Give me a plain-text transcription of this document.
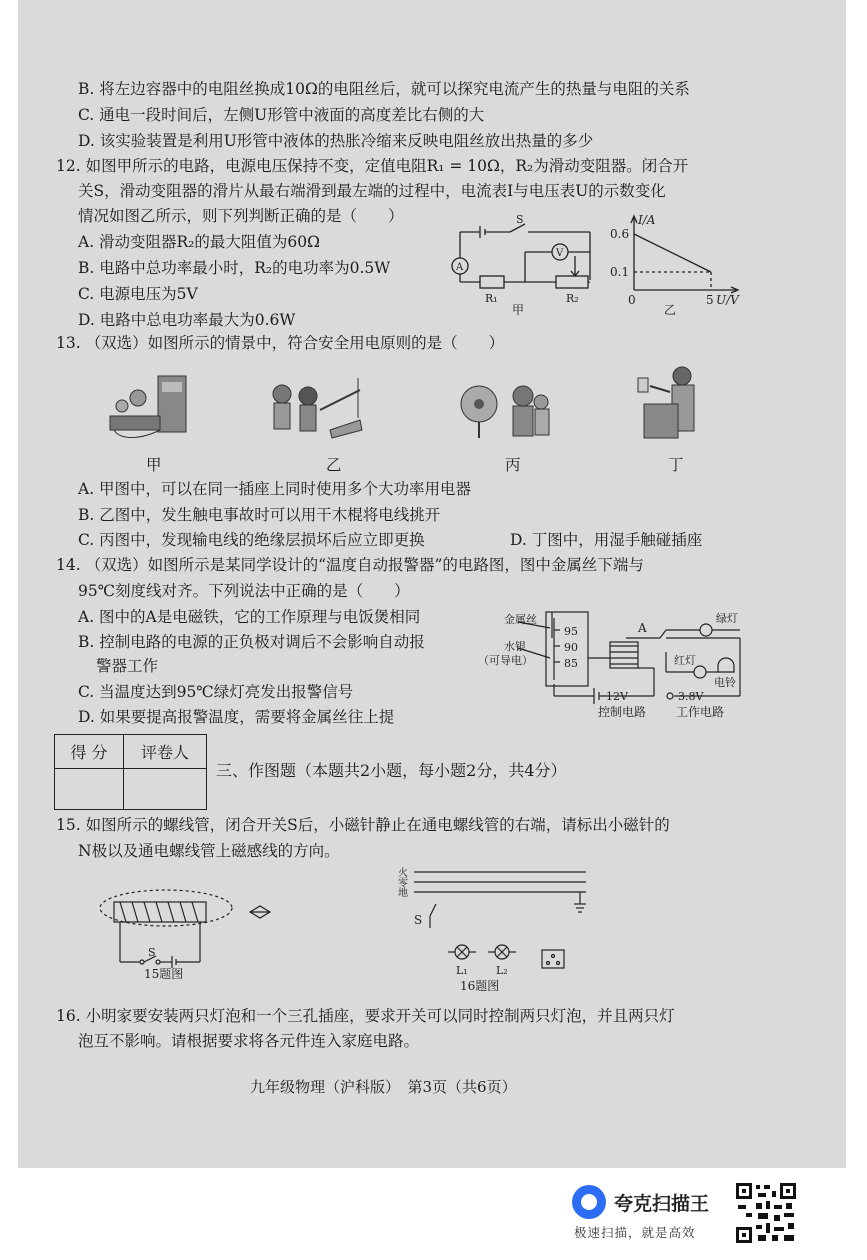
B. 将左边容器中的电阻丝换成10Ω的电阻丝后，就可以探究电流产生的热量与电阻的关系
C. 通电一段时间后，左侧U形管中液面的高度差比右侧的大
D. 该实验装置是利用U形管中液体的热胀冷缩来反映电阻丝放出热量的多少
12. 如图甲所示的电路，电源电压保持不变，定值电阻R₁ = 10Ω，R₂为滑动变阻器。闭合开
关S，滑动变阻器的滑片从最右端滑到最左端的过程中，电流表I与电压表U的示数变化
情况如图乙所示，则下列判断正确的是（　　）
A. 滑动变阻器R₂的最大阻值为60Ω
B. 电路中总功率最小时，R₂的电功率为0.5W
C. 电源电压为5V
D. 电路中总电功率最大为0.6W
S
A
V
R₁	R₂
甲
I/A
0.6
0.1
0	5 U/V
乙
13. （双选）如图所示的情景中，符合安全用电原则的是（　　）
甲	乙	丙	丁
A. 甲图中，可以在同一插座上同时使用多个大功率用电器
B. 乙图中，发生触电事故时可以用干木棍将电线挑开
C. 丙图中，发现输电线的绝缘层损坏后应立即更换	D. 丁图中，用湿手触碰插座
14. （双选）如图所示是某同学设计的“温度自动报警器”的电路图，图中金属丝下端与
95℃刻度线对齐。下列说法中正确的是（　　）
A. 图中的A是电磁铁，它的工作原理与电饭煲相同
B. 控制电路的电源的正负极对调后不会影响自动报
警器工作
C. 当温度达到95℃绿灯亮发出报警信号
D. 如果要提高报警温度，需要将金属丝往上提
金属丝
水银
（可导电）
95
90
85
A
绿灯
红灯
电铃
12V	3.8V
控制电路 工作电路
得 分	评卷人

三、作图题（本题共2小题，每小题2分，共4分）
15. 如图所示的螺线管，闭合开关S后，小磁针静止在通电螺线管的右端，请标出小磁针的
N极以及通电螺线管上磁感线的方向。
S
15题图
火
零
地
S
L₁	L₂
16题图
16. 小明家要安装两只灯泡和一个三孔插座，要求开关可以同时控制两只灯泡，并且两只灯
泡互不影响。请根据要求将各元件连入家庭电路。
九年级物理（沪科版）　第3页（共6页）
夸克扫描王
极速扫描，就是高效
